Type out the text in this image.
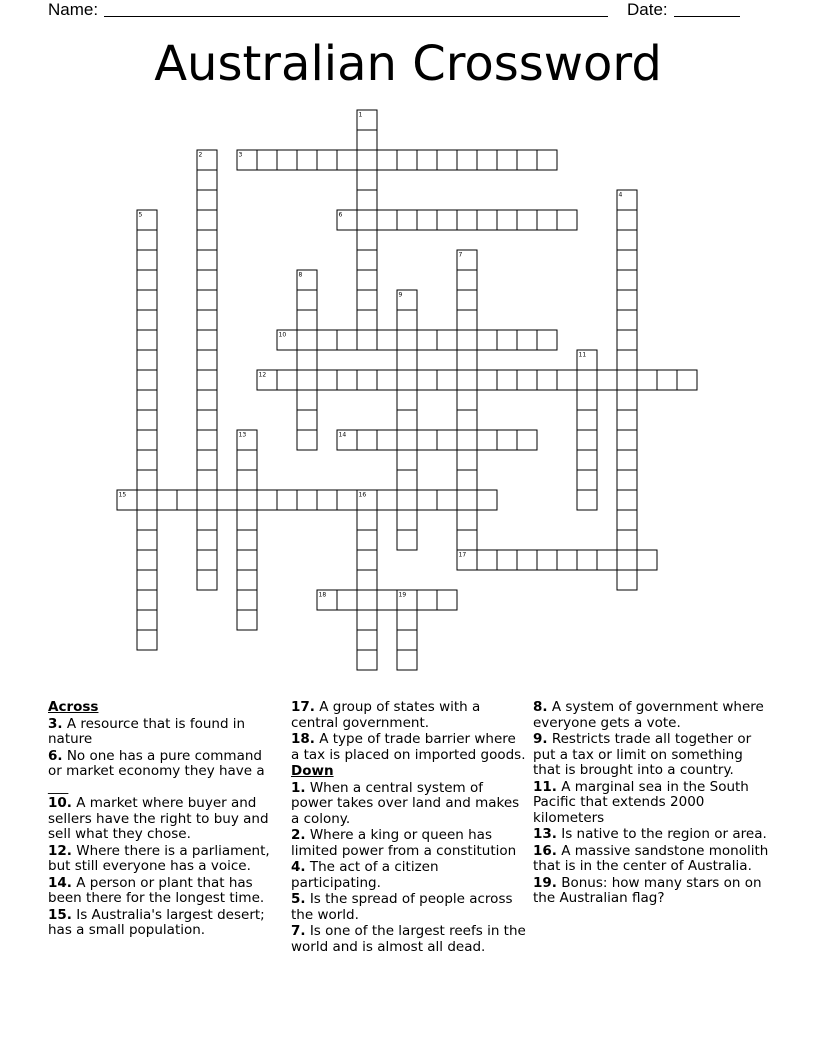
Name:	Date:
Australian Crossword
1
2	3
4
5	6
7
8
9
10
11
12
13	14
15	16
17
18	19
Across
3. A resource that is found in nature
6. No one has a pure command or market economy they have a ___
10. A market where buyer and sellers have the right to buy and sell what they chose.
12. Where there is a parliament, but still everyone has a voice.
14. A person or plant that has been there for the longest time.
15. Is Australia's largest desert; has a small population.
17. A group of states with a central government.
18. A type of trade barrier where a tax is placed on imported goods.
Down
1. When a central system of power takes over land and makes a colony.
2. Where a king or queen has limited power from a constitution
4. The act of a citizen participating.
5. Is the spread of people across the world.
7. Is one of the largest reefs in the world and is almost all dead.
8. A system of government where everyone gets a vote.
9. Restricts trade all together or put a tax or limit on something that is brought into a country.
11. A marginal sea in the South Pacific that extends 2000 kilometers
13. Is native to the region or area.
16. A massive sandstone monolith that is in the center of Australia.
19. Bonus: how many stars on on the Australian flag?
